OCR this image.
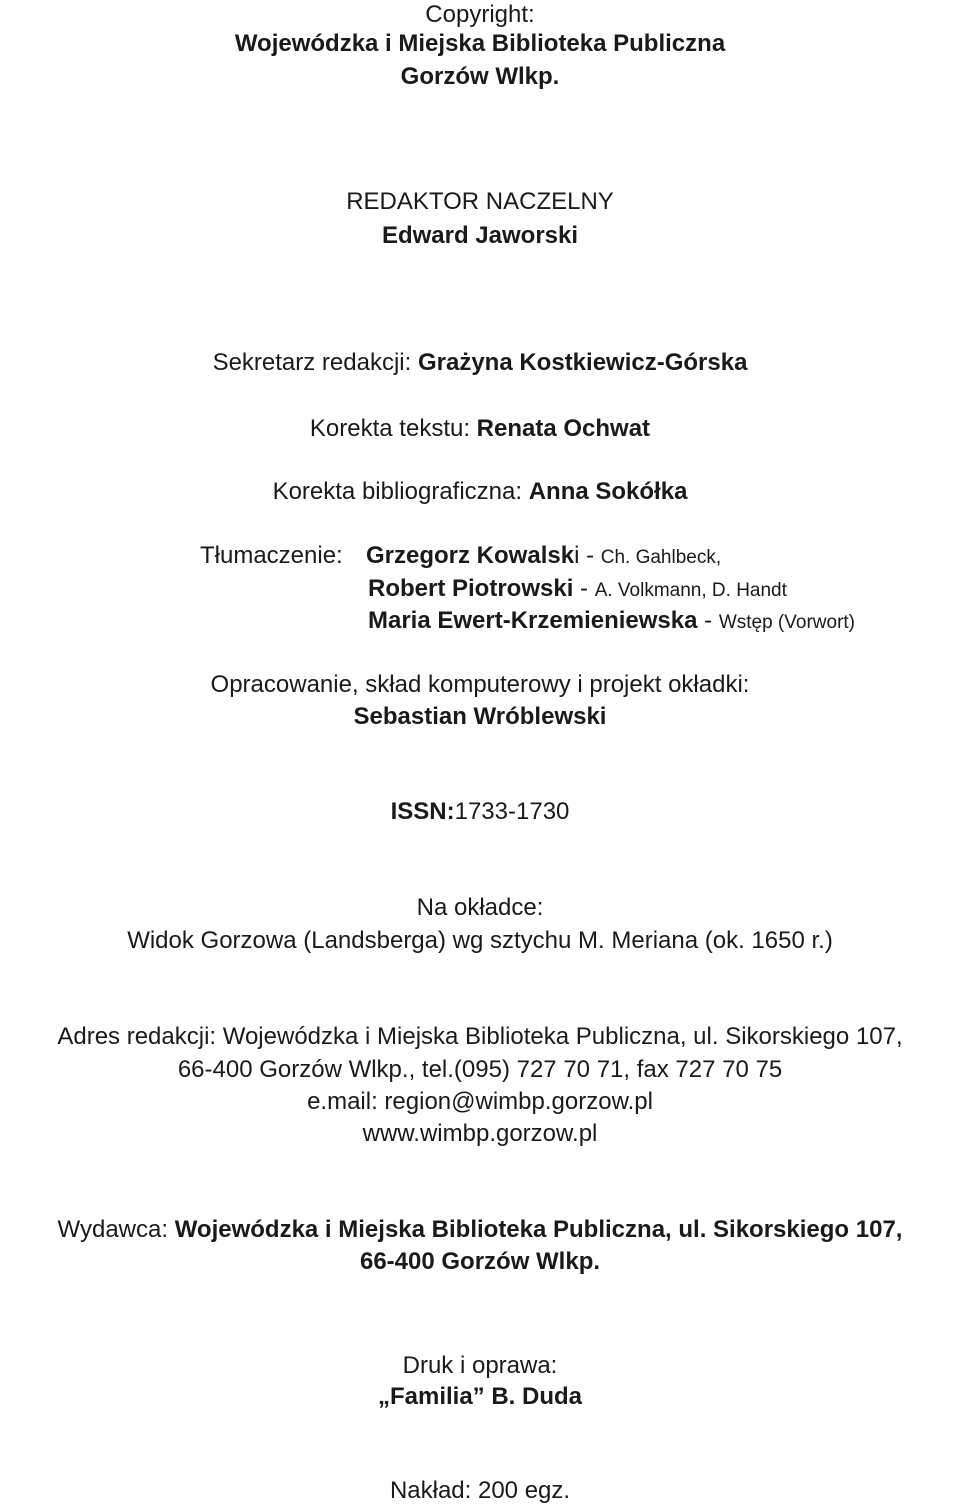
Copyright:
Wojewódzka i Miejska Biblioteka Publiczna
Gorzów Wlkp.
REDAKTOR NACZELNY
Edward Jaworski
Sekretarz redakcji: Grażyna Kostkiewicz-Górska
Korekta tekstu: Renata Ochwat
Korekta bibliograficzna: Anna Sokółka
Tłumaczenie: Grzegorz Kowalski - Ch. Gahlbeck,
Robert Piotrowski - A. Volkmann, D. Handt
Maria Ewert-Krzemieniewska - Wstęp (Vorwort)
Opracowanie, skład komputerowy i projekt okładki:
Sebastian Wróblewski
ISSN:1733-1730
Na okładce:
Widok Gorzowa (Landsberga) wg sztychu M. Meriana (ok. 1650 r.)
Adres redakcji: Wojewódzka i Miejska Biblioteka Publiczna, ul. Sikorskiego 107,
66-400 Gorzów Wlkp., tel.(095) 727 70 71, fax 727 70 75
e.mail: region@wimbp.gorzow.pl
www.wimbp.gorzow.pl
Wydawca: Wojewódzka i Miejska Biblioteka Publiczna, ul. Sikorskiego 107,
66-400 Gorzów Wlkp.
Druk i oprawa:
„Familia” B. Duda
Nakład: 200 egz.
